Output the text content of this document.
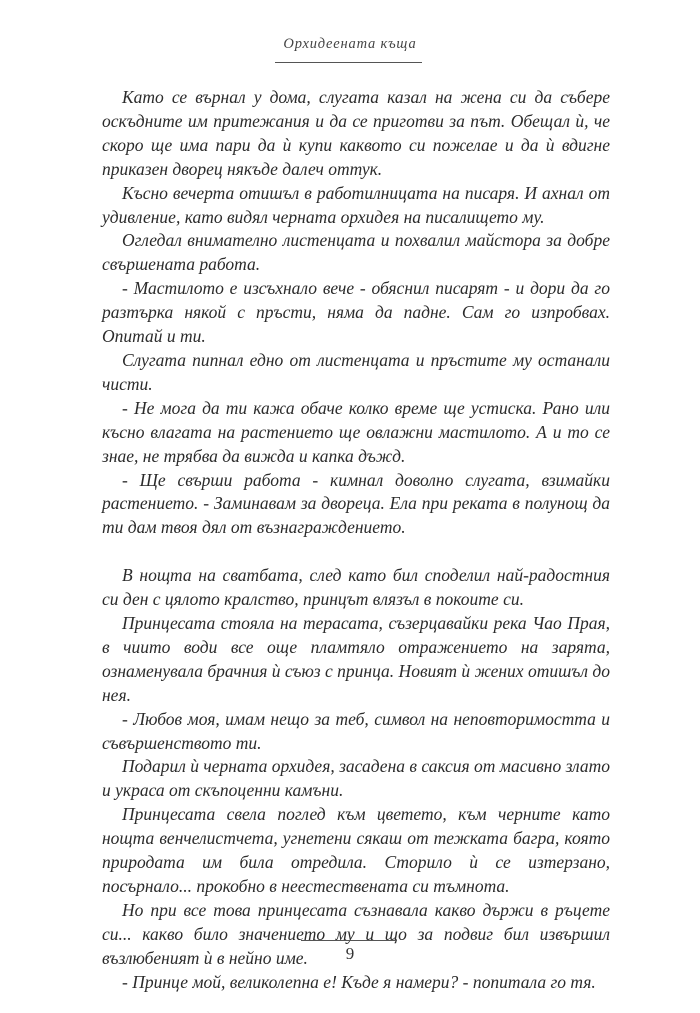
Орхидеената къща

Като се върнал у дома, слугата казал на жена си да събере оскъдните им притежания и да се приготви за път. Обещал ѝ, че скоро ще има пари да ѝ купи каквото си пожелае и да ѝ вдигне приказен дворец някъде далеч оттук.

Късно вечерта отишъл в работилницата на писаря. И ахнал от удивление, като видял черната орхидея на писалището му.

Огледал внимателно листенцата и похвалил майстора за добре свършената работа.

- Мастилото е изсъхнало вече - обяснил писарят - и дори да го разтърка някой с пръсти, няма да падне. Сам го изпробвах. Опитай и ти.

Слугата пипнал едно от листенцата и пръстите му останали чисти.

- Не мога да ти кажа обаче колко време ще устиска. Рано или късно влагата на растението ще овлажни мастилото. А и то се знае, не трябва да вижда и капка дъжд.

- Ще свърши работа - кимнал доволно слугата, взимайки растението. - Заминавам за двореца. Ела при реката в полунощ да ти дам твоя дял от възнаграждението.

В нощта на сватбата, след като бил споделил най-радостния си ден с цялото кралство, принцът влязъл в покоите си.

Принцесата стояла на терасата, съзерцавайки река Чао Прая, в чиито води все още пламтяло отражението на зарята, ознаменувала брачния ѝ съюз с принца. Новият ѝ жених отишъл до нея.

- Любов моя, имам нещо за теб, символ на неповторимостта и съвършенството ти.

Подарил ѝ черната орхидея, засадена в саксия от масивно злато и украса от скъпоценни камъни.

Принцесата свела поглед към цветето, към черните като нощта венчелистчета, угнетени сякаш от тежката багра, която природата им била отредила. Сторило ѝ се изтерзано, посърнало... прокобно в неестествената си тъмнота.

Но при все това принцесата съзнавала какво държи в ръцете си... какво било значението му и що за подвиг бил извършил възлюбеният ѝ в нейно име.

- Принце мой, великолепна е! Къде я намери? - попитала го тя.

9
